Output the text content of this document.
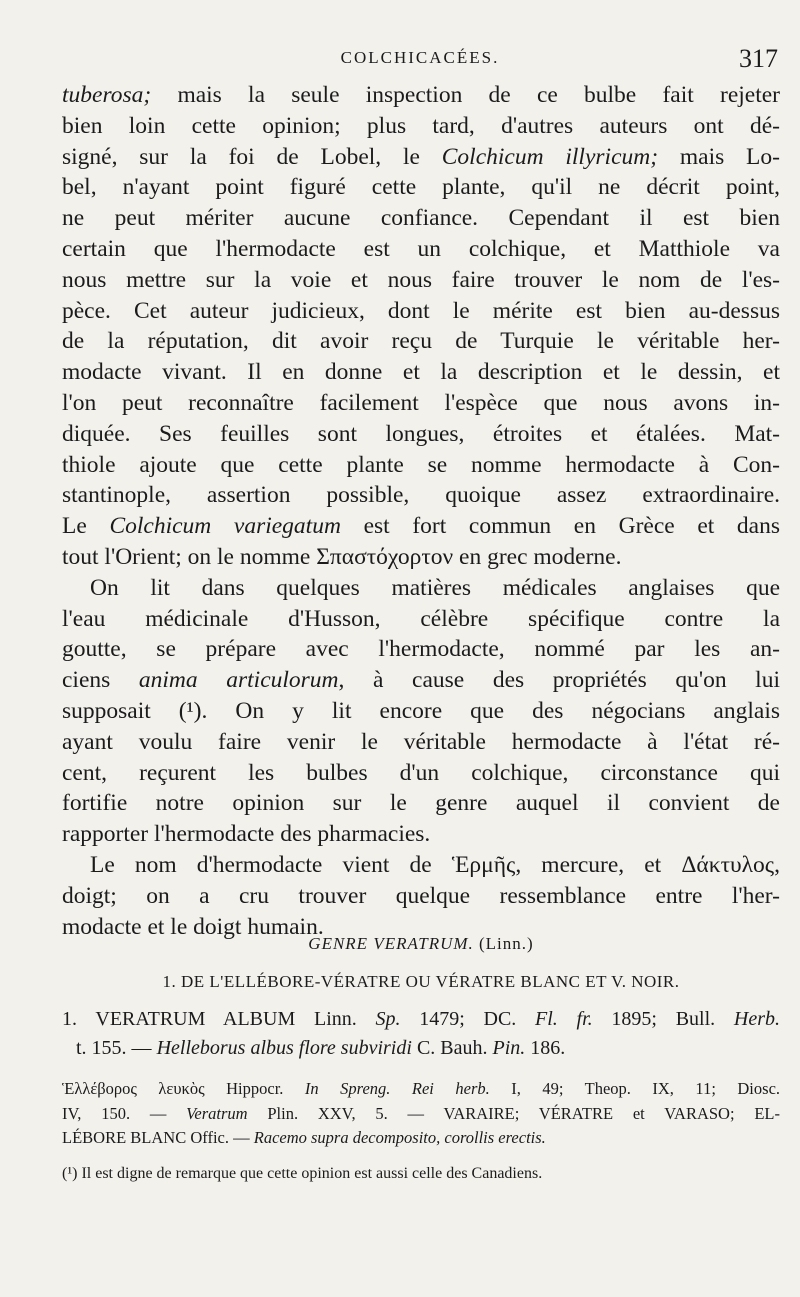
COLCHICACÉES.	317
tuberosa; mais la seule inspection de ce bulbe fait rejeter
bien loin cette opinion; plus tard, d'autres auteurs ont dé-
signé, sur la foi de Lobel, le Colchicum illyricum; mais Lo-
bel, n'ayant point figuré cette plante, qu'il ne décrit point,
ne peut mériter aucune confiance. Cependant il est bien
certain que l'hermodacte est un colchique, et Matthiole va
nous mettre sur la voie et nous faire trouver le nom de l'es-
pèce. Cet auteur judicieux, dont le mérite est bien au-dessus
de la réputation, dit avoir reçu de Turquie le véritable her-
modacte vivant. Il en donne et la description et le dessin, et
l'on peut reconnaître facilement l'espèce que nous avons in-
diquée. Ses feuilles sont longues, étroites et étalées. Mat-
thiole ajoute que cette plante se nomme hermodacte à Con-
stantinople, assertion possible, quoique assez extraordinaire.
Le Colchicum variegatum est fort commun en Grèce et dans
tout l'Orient; on le nomme Σπαστόχορτον en grec moderne.
On lit dans quelques matières médicales anglaises que
l'eau médicinale d'Husson, célèbre spécifique contre la
goutte, se prépare avec l'hermodacte, nommé par les an-
ciens anima articulorum, à cause des propriétés qu'on lui
supposait (¹). On y lit encore que des négocians anglais
ayant voulu faire venir le véritable hermodacte à l'état ré-
cent, reçurent les bulbes d'un colchique, circonstance qui
fortifie notre opinion sur le genre auquel il convient de
rapporter l'hermodacte des pharmacies.
Le nom d'hermodacte vient de Ἑρμῆς, mercure, et Δάκτυλος,
doigt; on a cru trouver quelque ressemblance entre l'her-
modacte et le doigt humain.
GENRE VERATRUM. (Linn.)
1. DE L'ELLÉBORE-VÉRATRE OU VÉRATRE BLANC ET V. NOIR.
1. VERATRUM ALBUM Linn. Sp. 1479; DC. Fl. fr. 1895; Bull. Herb.
t. 155. — Helleborus albus flore subviridi C. Bauh. Pin. 186.
Ἑλλέβορος λευκὸς Hippocr. In Spreng. Rei herb. I, 49; Theop. IX, 11; Diosc.
IV, 150. — Veratrum Plin. XXV, 5. — VARAIRE; VÉRATRE et VARASO; EL-
LÉBORE BLANC Offic. — Racemo supra decomposito, corollis erectis.
(¹) Il est digne de remarque que cette opinion est aussi celle des Canadiens.
